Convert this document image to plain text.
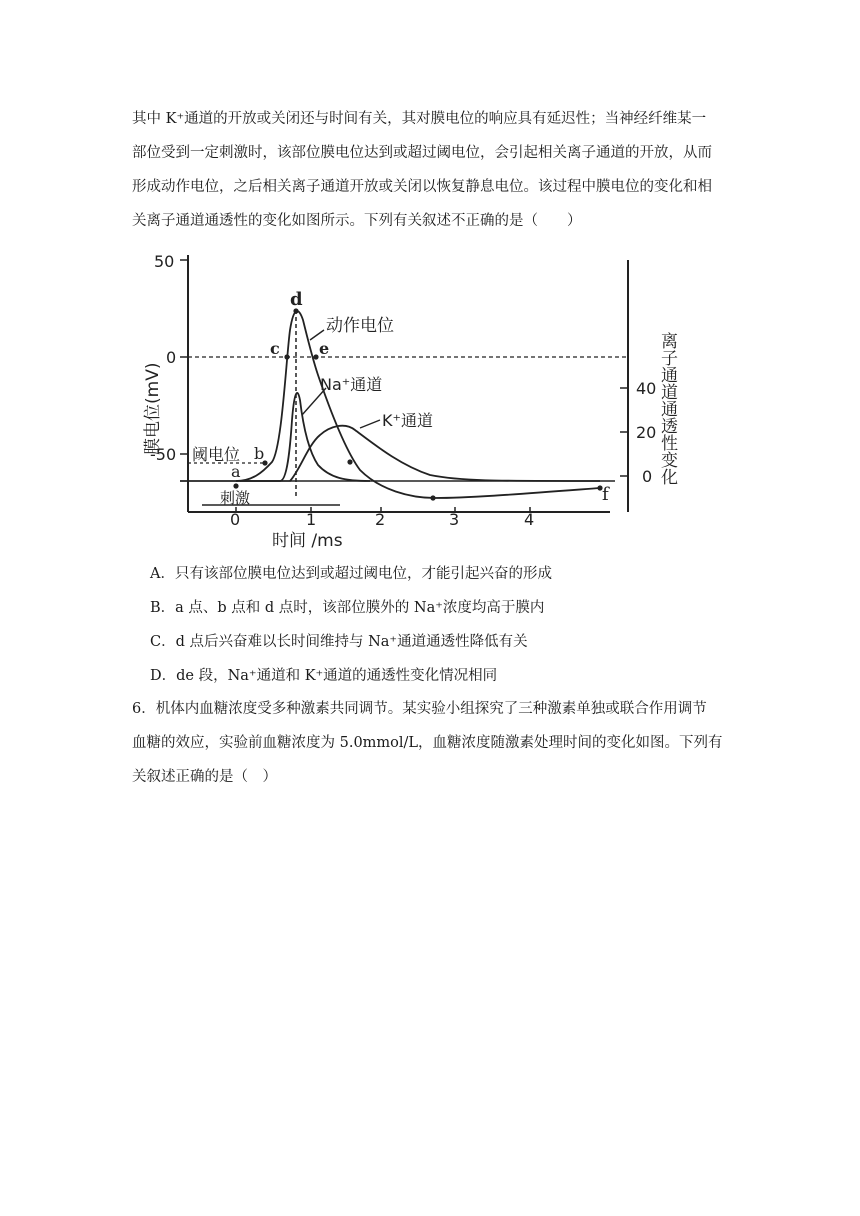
其中 K⁺通道的开放或关闭还与时间有关，其对膜电位的响应具有延迟性；当神经纤维某一
部位受到一定刺激时，该部位膜电位达到或超过阈电位，会引起相关离子通道的开放，从而
形成动作电位，之后相关离子通道开放或关闭以恢复静息电位。该过程中膜电位的变化和相
关离子通道通透性的变化如图所示。下列有关叙述不正确的是（　　）
50
0
-50
40
20
0
0	1	2	3	4
时间 /ms
膜电位(mV)	离子通道通透性变化
动作电位
Na⁺通道
K⁺通道
a
b
c
d
e
f
阈电位
刺激
A．只有该部位膜电位达到或超过阈电位，才能引起兴奋的形成
B．a 点、b 点和 d 点时，该部位膜外的 Na⁺浓度均高于膜内
C．d 点后兴奋难以长时间维持与 Na⁺通道通透性降低有关
D．de 段，Na⁺通道和 K⁺通道的通透性变化情况相同
6．机体内血糖浓度受多种激素共同调节。某实验小组探究了三种激素单独或联合作用调节
血糖的效应，实验前血糖浓度为 5.0mmol/L，血糖浓度随激素处理时间的变化如图。下列有
关叙述正确的是（　）
